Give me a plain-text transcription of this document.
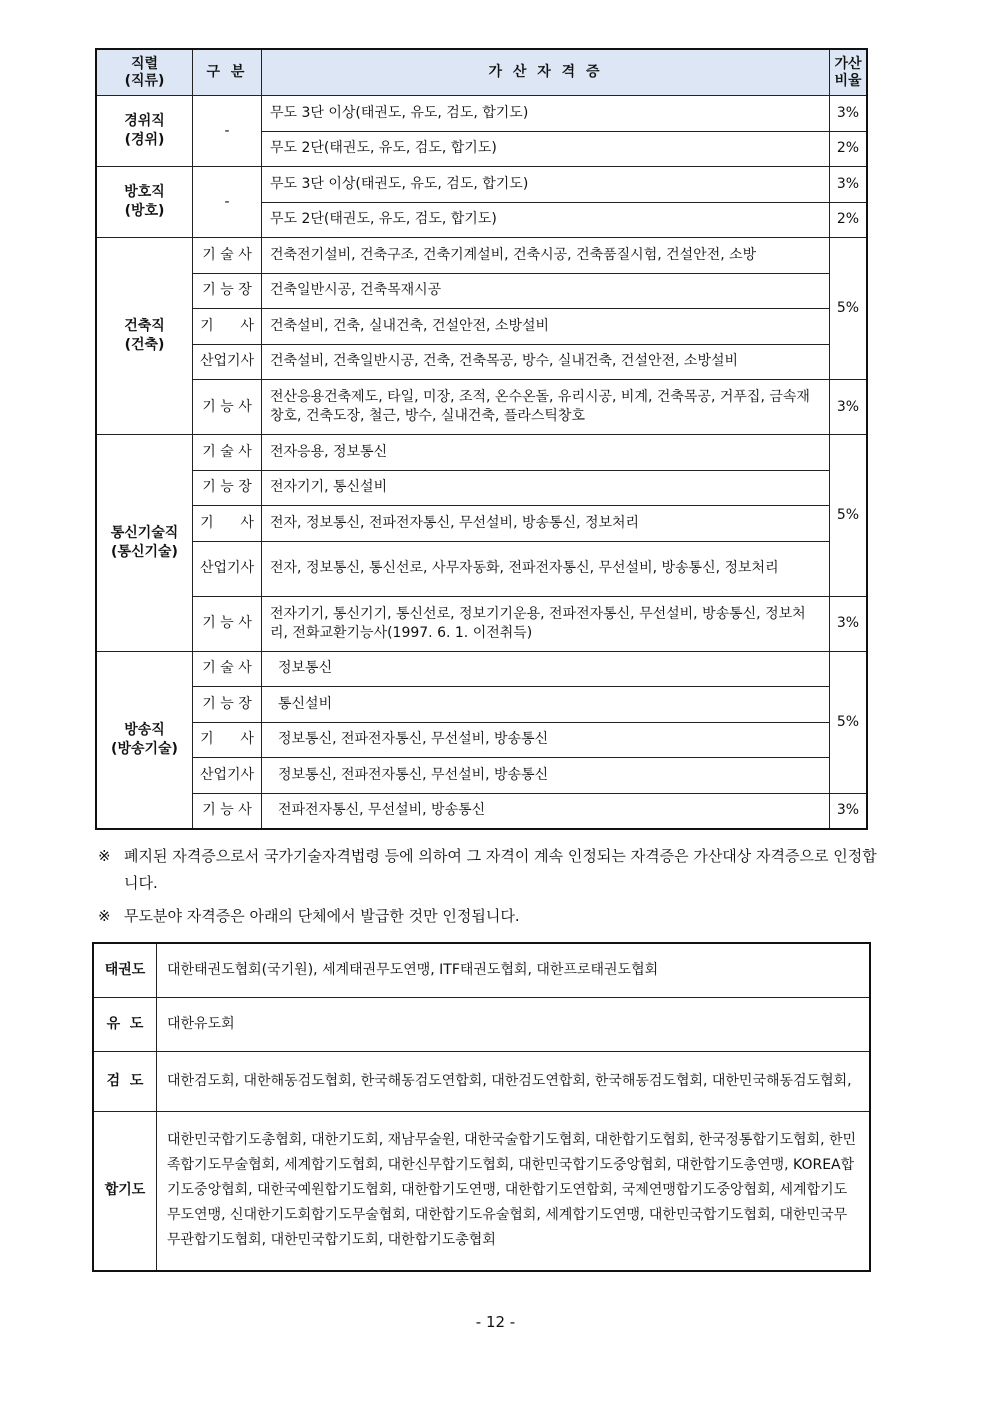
직렬
(직류)	구 분	가 산 자 격 증	가산
비율
경위직
(경위)	-	무도 3단 이상(태권도, 유도, 검도, 합기도)	3%
		무도 2단(태권도, 유도, 검도, 합기도)	2%
방호직
(방호)	-	무도 3단 이상(태권도, 유도, 검도, 합기도)	3%
		무도 2단(태권도, 유도, 검도, 합기도)	2%
건축직
(건축)	기 술 사	건축전기설비, 건축구조, 건축기계설비, 건축시공, 건축품질시험, 건설안전, 소방	5%
	기 능 장	건축일반시공, 건축목재시공	
	기      사	건축설비, 건축, 실내건축, 건설안전, 소방설비	
	산업기사	건축설비, 건축일반시공, 건축, 건축목공, 방수, 실내건축, 건설안전, 소방설비	
	기 능 사	전산응용건축제도, 타일, 미장, 조적, 온수온돌, 유리시공, 비계, 건축목공, 거푸집, 금속재창호, 건축도장, 철근, 방수, 실내건축, 플라스틱창호	3%
통신기술직
(통신기술)	기 술 사	전자응용, 정보통신	5%
	기 능 장	전자기기, 통신설비	
	기      사	전자, 정보통신, 전파전자통신, 무선설비, 방송통신, 정보처리	
	산업기사	전자, 정보통신, 통신선로, 사무자동화, 전파전자통신, 무선설비, 방송통신, 정보처리	
	기 능 사	전자기기, 통신기기, 통신선로, 정보기기운용, 전파전자통신, 무선설비, 방송통신, 정보처리, 전화교환기능사(1997. 6. 1. 이전취득)	3%
방송직
(방송기술)	기 술 사	정보통신	5%
	기 능 장	통신설비	
	기      사	정보통신, 전파전자통신, 무선설비, 방송통신	
	산업기사	정보통신, 전파전자통신, 무선설비, 방송통신	
	기 능 사	전파전자통신, 무선설비, 방송통신	3%
※ 폐지된 자격증으로서 국가기술자격법령 등에 의하여 그 자격이 계속 인정되는 자격증은 가산대상 자격증으로 인정합니다.
※ 무도분야 자격증은 아래의 단체에서 발급한 것만 인정됩니다.
태권도	대한태권도협회(국기원), 세계태권무도연맹, ITF태권도협회, 대한프로태권도협회
유  도	대한유도회
검  도	대한검도회, 대한해동검도협회, 한국해동검도연합회, 대한검도연합회, 한국해동검도협회, 대한민국해동검도협회,
합기도	대한민국합기도총협회, 대한기도회, 재남무술원, 대한국술합기도협회, 대한합기도협회, 한국정통합기도협회, 한민족합기도무술협회, 세계합기도협회, 대한신무합기도협회, 대한민국합기도중앙협회, 대한합기도총연맹, KOREA합기도중앙협회, 대한국예원합기도협회, 대한합기도연맹, 대한합기도연합회, 국제연맹합기도중앙협회, 세계합기도무도연맹, 신대한기도회합기도무술협회, 대한합기도유술협회, 세계합기도연맹, 대한민국합기도협회, 대한민국무무관합기도협회, 대한민국합기도회, 대한합기도총협회
- 12 -
